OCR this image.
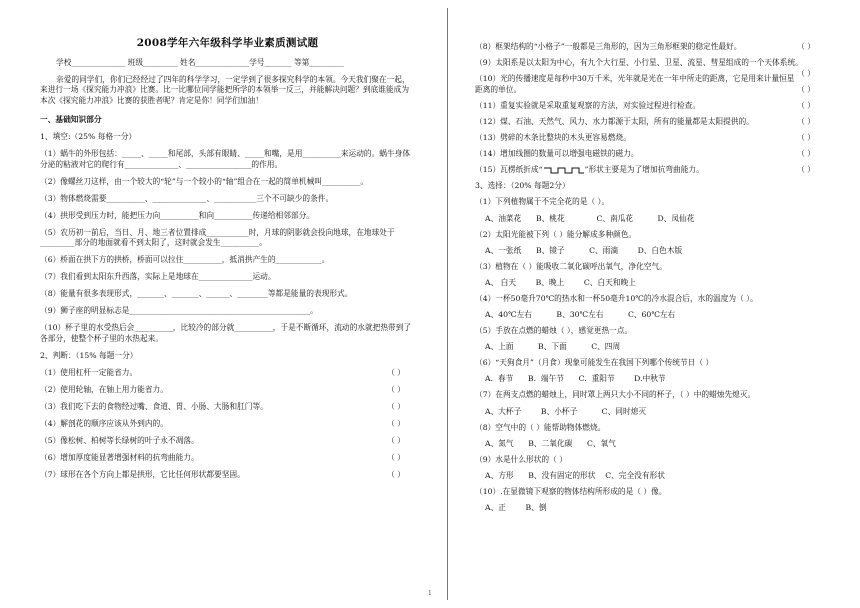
2008学年六年级科学毕业素质测试题
学校______________ 班级_________ 姓名______________学号_______ 等第_________
亲爱的同学们，你们已经经过了四年的科学学习，一定学到了很多探究科学的本领。今天我们聚在一起，来进行一场《探究能力冲浪》比赛。比一比哪位同学能把所学的本领举一反三，并能解决问题？到底谁能成为本次《探究能力冲浪》比赛的获胜者呢？肯定是你！同学们加油！
一、基础知识部分
1、填空:（25% 每格一分）
（1）蜗牛的外形包括：_____、_____和尾部，头部有眼睛、_____和嘴，是用__________来运动的。蜗牛身体分泌的粘液对它的爬行有______________、_________________的作用。
（2）像螺丝刀这样，由一个较大的“轮”与一个较小的“轴”组合在一起的简单机械叫__________。
（3）物体燃烧需要__________、______________、___________三个不可缺少的条件。
（4）拱形受到压力时，能把压力向__________和向__________传递给相邻部分。
（5）农历初一前后，当日、月、地三者位置排成___________时，月球的阴影就会投向地球，在地球处于_________部分的地面就看不到太阳了，这时就会发生__________。
（6）桥面在拱下方的拱桥，桥面可以拉住__________，抵消拱产生的____________。
（7）我们看到太阳东升西落，实际上是地球在______________运动。
（8）能量有很多表现形式，_______、_______、______、________等都是能量的表现形式。
（9）狮子座的明显标志是_______________________________________________。
（10）杯子里的水受热后会__________，比较冷的部分就__________，于是不断循环，流动的水就把热带到了各部分，使整个杯子里的水热起来。
2、判断：（15% 每题一分）
（1）使用杠杆一定能省力。	（ ）
（2）使用轮轴，在轴上用力能省力。	（ ）
（3）我们吃下去的食物经过嘴、食道、胃、小肠、大肠和肛门等。	（ ）
（4）解剖花的顺序应该从外到内的。	（ ）
（5）像松树、柏树等长绿树的叶子永不凋落。	（ ）
（6）增加厚度能显著增强材料的抗弯曲能力。	（ ）
（7）球形在各个方向上都是拱形，它比任何形状都要坚固。	（ ）
（8）框架结构的“小格子”一般都是三角形的，因为三角形框架的稳定性最好。	（ ）
（9）太阳系是以太阳为中心，有九个大行星、小行星、卫星、流星、彗星组成的一个天体系统。
（ ）
（10）光的传播速度是每秒中30万千米，光年就是光在一年中所走的距离，它是用来计量恒星距离的单位。	（ ）
（11）重复实验就是采取重复观察的方法，对实验过程进行检查。	（ ）
（12）煤、石油、天然气、风力、水力都源于太阳，所有的能量都是太阳提供的。	（ ）
（13）劈碎的木条比整块的木头更容易燃烧。	（ ）
（14）增加线圈的数量可以增强电磁铁的磁力。	（ ）
（15）瓦楞纸折成“	”形状主要是为了增加抗弯曲能力。	（ ）
3、选择：（20% 每题2分）
（1）下列植物属于不完全花的是（ ）。
A、油菜花      B、桃花             C、南瓜花          D、凤仙花
（2）太阳光能被下列（ ）能分解成多种颜色。
A、一张纸      B、镜子          C、雨滴        D、白色木版
（3）植物在（ ）能吸收二氧化碳呼出氧气，净化空气。
A、 白天        B、晚上        C、白天和晚上
（4）一杯50毫升70℃的热水和一杯50毫升10℃的冷水混合后，水的温度为（ ）。
A、40℃左右          B、30℃左右          C、60℃左右
（5）手放在点燃的蜡烛（ ），感觉更热一点。
A、上面          B、下面          C、四周
（6）“天狗食月”（月食）现象可能发生在我国下列哪个传统节日（ ）
A.  春节      B.  端午节      C.  重阳节        D.中秋节
（7）在两支点燃的蜡烛上，同时罩上两只大小不同的杯子，（ ）中的蜡烛先熄灭。
A、大杯子        B、小杯子          C、同时熄灭
（8）空气中的（ ）能帮助物体燃烧。
A、氮气      B、二氧化碳      C、氧气
（9）水是什么形状的（ ）
A、方形      B、没有固定的形状    C、完全没有形状
（10）.在显微镜下观察的物体结构所形成的是（ ）像。
A、正        B、倒
1
